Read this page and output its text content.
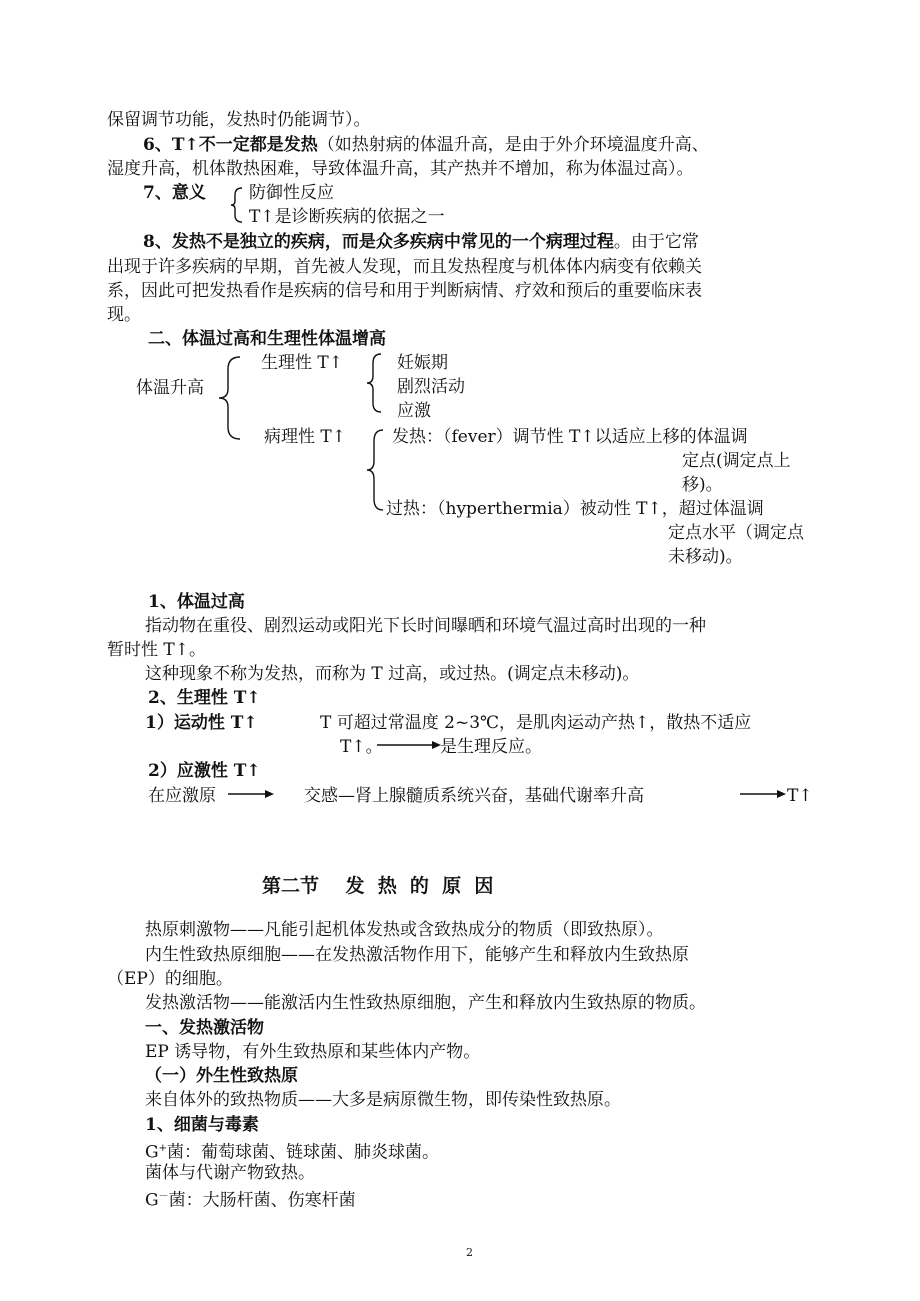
保留调节功能，发热时仍能调节）。
6、T↑不一定都是发热（如热射病的体温升高，是由于外介环境温度升高、
湿度升高，机体散热困难，导致体温升高，其产热并不增加，称为体温过高）。
7、意义	防御性反应
T↑是诊断疾病的依据之一
8、发热不是独立的疾病，而是众多疾病中常见的一个病理过程。由于它常
出现于许多疾病的早期，首先被人发现，而且发热程度与机体体内病变有依赖关
系，因此可把发热看作是疾病的信号和用于判断病情、疗效和预后的重要临床表
现。
二、体温过高和生理性体温增高
体温升高
生理性 T↑	妊娠期
剧烈活动
应激
病理性 T↑	发热：（fever）调节性 T↑以适应上移的体温调
定点(调定点上
移)。
过热：（hyperthermia）被动性 T↑，超过体温调
定点水平（调定点
未移动)。
1、体温过高
指动物在重役、剧烈运动或阳光下长时间曝晒和环境气温过高时出现的一种
暂时性 T↑。
这种现象不称为发热，而称为 T 过高，或过热。(调定点未移动)。
2、生理性 T↑
1）运动性 T↑	T 可超过常温度 2~3℃，是肌肉运动产热↑，散热不适应
T↑。	是生理反应。
2）应激性 T↑
在应激原	交感—肾上腺髓质系统兴奋，基础代谢率升高	T↑
第二节    发  热  的  原  因
热原刺激物——凡能引起机体发热或含致热成分的物质（即致热原）。
内生性致热原细胞——在发热激活物作用下，能够产生和释放内生致热原
（EP）的细胞。
发热激活物——能激活内生性致热原细胞，产生和释放内生致热原的物质。
一、发热激活物
EP 诱导物，有外生致热原和某些体内产物。
（一）外生性致热原
来自体外的致热物质——大多是病原微生物，即传染性致热原。
1、细菌与毒素
G+菌：葡萄球菌、链球菌、肺炎球菌。
菌体与代谢产物致热。
G－菌：大肠杆菌、伤寒杆菌
2
